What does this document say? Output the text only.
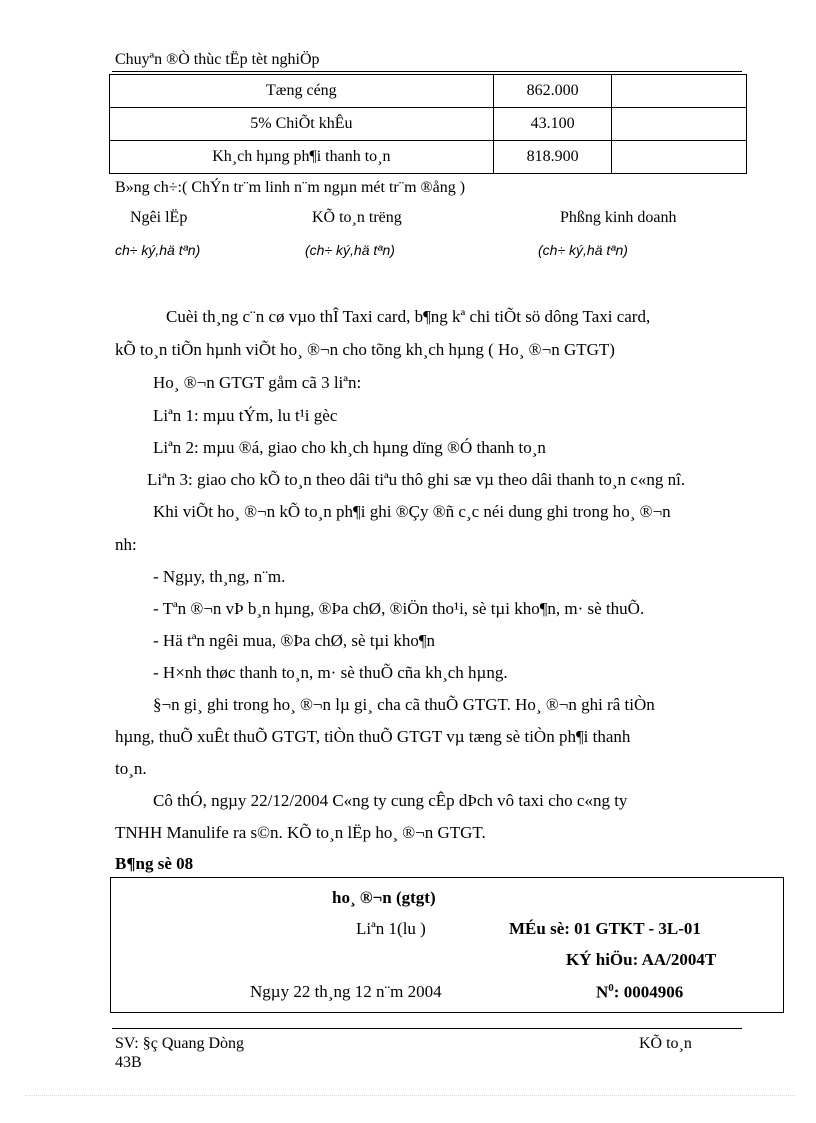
Chuyªn ®Ò thùc tËp tèt nghiÖp
Tæng céng	862.000	
5% ChiÕt khÊu	43.100	
Kh¸ch hµng ph¶i thanh to¸n	818.900	
B»ng ch÷:( ChÝn tr¨m linh n¨m ngµn mét tr¨m ®ång )
Ngêi lËp	KÕ to¸n trëng	Phßng kinh doanh
ch÷ ký,hä tªn)	(ch÷ ký,hä tªn)	(ch÷ ký,hä tªn)
Cuèi th¸ng c¨n cø vµo thÎ Taxi card, b¶ng kª chi tiÕt sö dông Taxi card,
kÕ to¸n tiÕn hµnh viÕt ho¸ ®¬n cho tõng kh¸ch hµng ( Ho¸ ®¬n GTGT)
Ho¸ ®¬n GTGT gåm cã 3 liªn:
Liªn 1: mµu tÝm, lu t¹i gèc
Liªn 2: mµu ®á, giao cho kh¸ch hµng dïng ®Ó thanh to¸n
Liªn 3: giao cho kÕ to¸n theo dâi tiªu thô ghi sæ vµ theo dâi thanh to¸n c«ng nî.
Khi viÕt ho¸ ®¬n kÕ to¸n ph¶i ghi ®Çy ®ñ c¸c néi dung ghi trong ho¸ ®¬n
nh:
- Ngµy, th¸ng, n¨m.
- Tªn ®¬n vÞ b¸n hµng, ®Þa chØ, ®iÖn tho¹i, sè tµi kho¶n, m· sè thuÕ.
- Hä tªn ngêi mua, ®Þa chØ, sè tµi kho¶n
- H×nh thøc thanh to¸n, m· sè thuÕ cña kh¸ch hµng.
§¬n gi¸ ghi trong ho¸ ®¬n lµ gi¸ cha cã thuÕ GTGT. Ho¸ ®¬n ghi râ tiÒn
hµng, thuÕ xuÊt thuÕ GTGT, tiÒn thuÕ GTGT vµ tæng sè tiÒn ph¶i thanh
to¸n.
Cô thÓ, ngµy 22/12/2004 C«ng ty cung cÊp dÞch vô taxi cho c«ng ty
TNHH Manulife ra s©n. KÕ to¸n lËp ho¸ ®¬n GTGT.
B¶ng sè 08
ho¸ ®¬n (gtgt)
Liªn 1(lu )	MÉu sè: 01 GTKT - 3L-01
KÝ hiÖu: AA/2004T
Ngµy 22 th¸ng 12 n¨m 2004	$N^0$: 0004906
SV: §ç Quang Dòng
43B
KÕ to¸n
